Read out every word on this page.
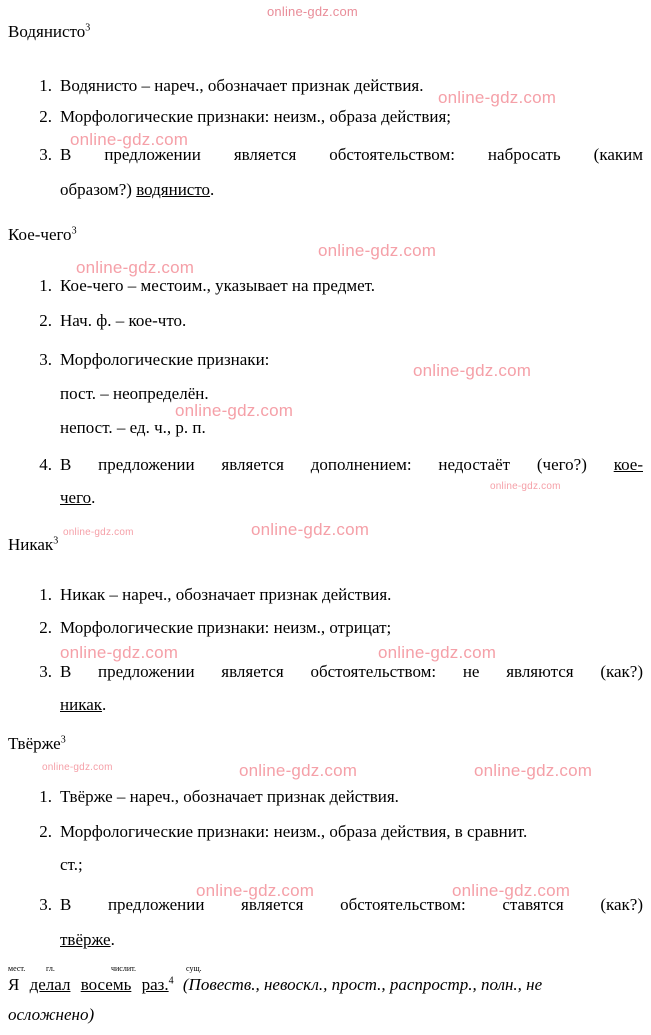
online-gdz.com
online-gdz.com
online-gdz.com
online-gdz.com
online-gdz.com
online-gdz.com
online-gdz.com
online-gdz.com
online-gdz.com	online-gdz.com
online-gdz.com	online-gdz.com
online-gdz.com	online-gdz.com	online-gdz.com
online-gdz.com	online-gdz.com
Водянисто$^3$
1. Водянисто – нареч., обозначает признак действия.
2. Морфологические признаки: неизм., образа действия;
3. В предложении является обстоятельством: набросать (каким
образом?) водянисто.
Кое-чего$^3$
1. Кое-чего – местоим., указывает на предмет.
2. Нач. ф. – кое-что.
3. Морфологические признаки:
пост. – неопределён.
непост. – ед. ч., р. п.
4. В предложении является дополнением: недостаёт (чего?) кое-
чего.
Никак$^3$
1. Никак – нареч., обозначает признак действия.
2. Морфологические признаки: неизм., отрицат;
3. В предложении является обстоятельством: не являются (как?)
никак.
Твёрже$^3$
1. Твёрже – нареч., обозначает признак действия.
2. Морфологические признаки: неизм., образа действия, в сравнит.
ст.;
3. В предложении является обстоятельством: ставятся (как?)
твёрже.
мест.	гл.	числит.	сущ.
Я делал восемь раз.$^4$ (Повеств., невоскл., прост., распростр., полн., не
осложнено)
